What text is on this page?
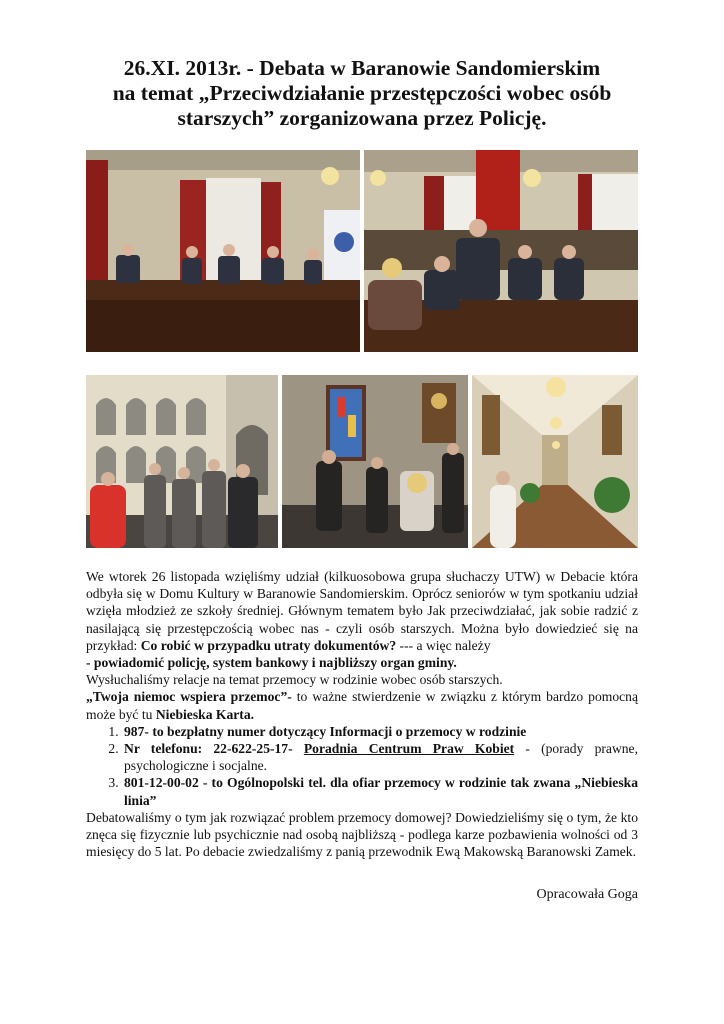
26.XI. 2013r. - Debata w Baranowie Sandomierskim
na temat „Przeciwdziałanie przestępczości wobec osób
starszych” zorganizowana przez Policję.

We wtorek 26 listopada wzięliśmy udział (kilkuosobowa grupa słuchaczy UTW) w Debacie która odbyła się w Domu Kultury w Baranowie Sandomierskim. Oprócz seniorów w tym spotkaniu udział wzięła młodzież ze szkoły średniej. Głównym tematem było Jak przeciwdziałać, jak sobie radzić z nasilającą się przestępczością wobec nas - czyli osób starszych. Można było dowiedzieć się na przykład: Co robić w przypadku utraty dokumentów? --- a więc należy

- powiadomić policję, system bankowy i najbliższy organ gminy.

Wysłuchaliśmy relacje na temat przemocy w rodzinie wobec osób starszych.

„Twoja niemoc wspiera przemoc”- to ważne stwierdzenie w związku z którym bardzo pomocną może być tu Niebieska Karta.

1. 987- to bezpłatny numer dotyczący Informacji o przemocy w rodzinie
2. Nr telefonu: 22-622-25-17- Poradnia Centrum Praw Kobiet - (porady prawne, psychologiczne i socjalne.
3. 801-12-00-02 - to Ogólnopolski tel. dla ofiar przemocy w rodzinie tak zwana „Niebieska linia”

Debatowaliśmy o tym jak rozwiązać problem przemocy domowej? Dowiedzieliśmy się o tym, że kto znęca się fizycznie lub psychicznie nad osobą najbliższą - podlega karze pozbawienia wolności od 3 miesięcy do 5 lat. Po debacie zwiedzaliśmy z panią przewodnik Ewą Makowską Baranowski Zamek.

Opracowała Goga
